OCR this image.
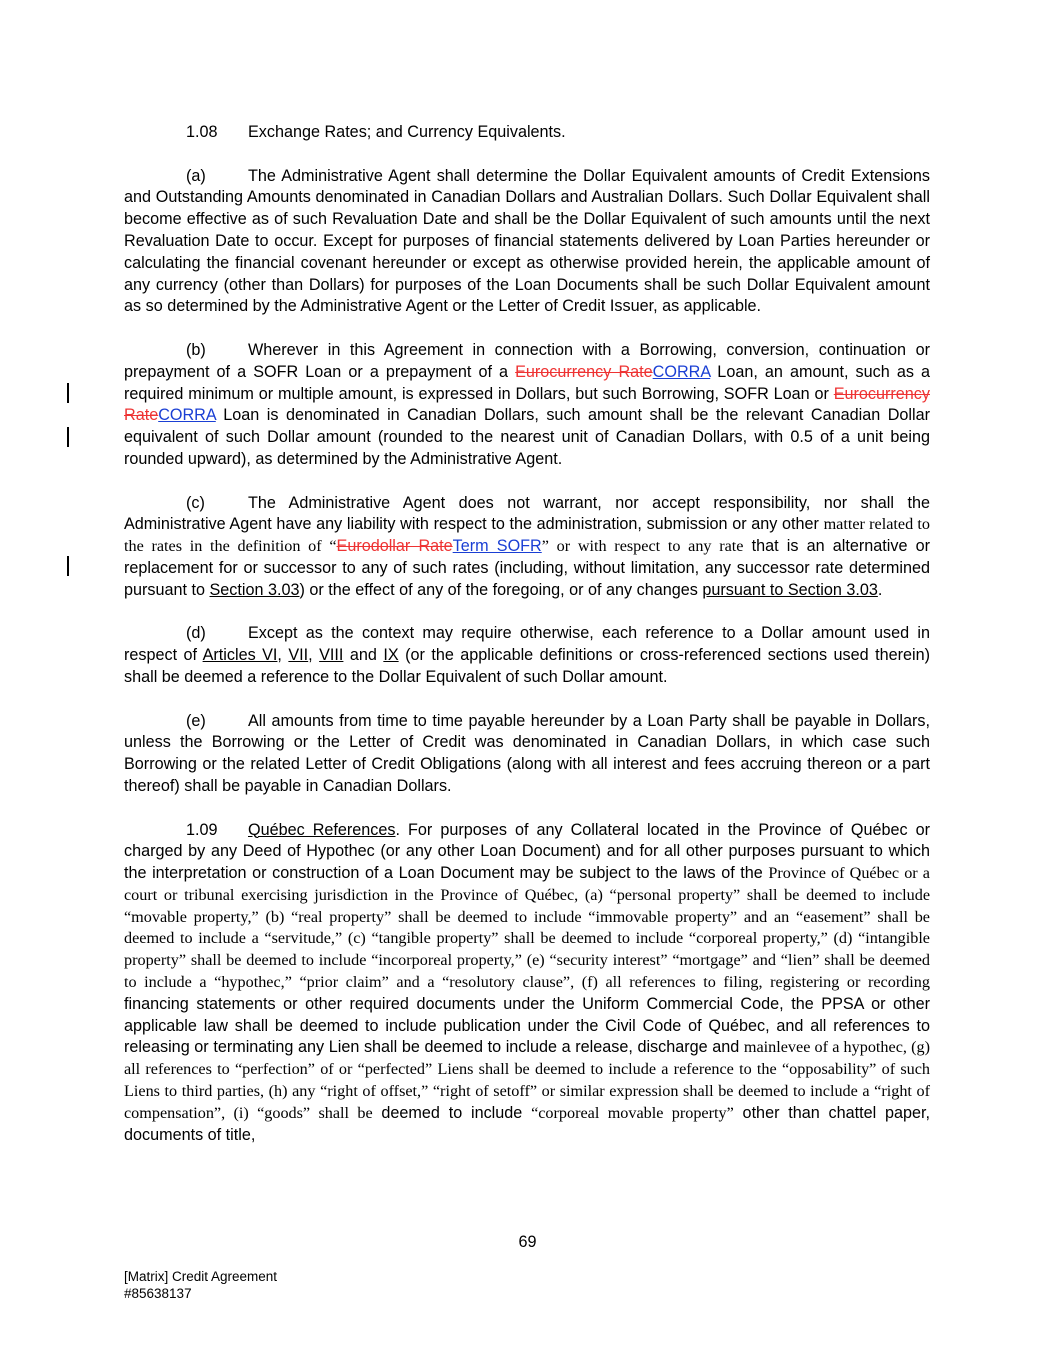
1.08 Exchange Rates; and Currency Equivalents.

(a)	The Administrative Agent shall determine the Dollar Equivalent amounts of Credit Extensions and Outstanding Amounts denominated in Canadian Dollars and Australian Dollars. Such Dollar Equivalent shall become effective as of such Revaluation Date and shall be the Dollar Equivalent of such amounts until the next Revaluation Date to occur. Except for purposes of financial statements delivered by Loan Parties hereunder or calculating the financial covenant hereunder or except as otherwise provided herein, the applicable amount of any currency (other than Dollars) for purposes of the Loan Documents shall be such Dollar Equivalent amount as so determined by the Administrative Agent or the Letter of Credit Issuer, as applicable.

(b)	Wherever in this Agreement in connection with a Borrowing, conversion, continuation or prepayment of a SOFR Loan or a prepayment of a Eurocurrency RateCORRA Loan, an amount, such as a required minimum or multiple amount, is expressed in Dollars, but such Borrowing, SOFR Loan or Eurocurrency RateCORRA Loan is denominated in Canadian Dollars, such amount shall be the relevant Canadian Dollar equivalent of such Dollar amount (rounded to the nearest unit of Canadian Dollars, with 0.5 of a unit being rounded upward), as determined by the Administrative Agent.

(c)	The Administrative Agent does not warrant, nor accept responsibility, nor shall the Administrative Agent have any liability with respect to the administration, submission or any other matter related to the rates in the definition of “Eurodollar RateTerm SOFR” or with respect to any rate that is an alternative or replacement for or successor to any of such rates (including, without limitation, any successor rate determined pursuant to Section 3.03) or the effect of any of the foregoing, or of any changes pursuant to Section 3.03.

(d)	Except as the context may require otherwise, each reference to a Dollar amount used in respect of Articles VI, VII, VIII and IX (or the applicable definitions or cross-referenced sections used therein) shall be deemed a reference to the Dollar Equivalent of such Dollar amount.

(e)	All amounts from time to time payable hereunder by a Loan Party shall be payable in Dollars, unless the Borrowing or the Letter of Credit was denominated in Canadian Dollars, in which case such Borrowing or the related Letter of Credit Obligations (along with all interest and fees accruing thereon or a part thereof) shall be payable in Canadian Dollars.

1.09 Québec References. For purposes of any Collateral located in the Province of Québec or charged by any Deed of Hypothec (or any other Loan Document) and for all other purposes pursuant to which the interpretation or construction of a Loan Document may be subject to the laws of the Province of Québec or a court or tribunal exercising jurisdiction in the Province of Québec, (a) “personal property” shall be deemed to include “movable property,” (b) “real property” shall be deemed to include “immovable property” and an “easement” shall be deemed to include a “servitude,” (c) “tangible property” shall be deemed to include “corporeal property,” (d) “intangible property” shall be deemed to include “incorporeal property,” (e) “security interest” “mortgage” and “lien” shall be deemed to include a “hypothec,” “prior claim” and a “resolutory clause”, (f) all references to filing, registering or recording financing statements or other required documents under the Uniform Commercial Code, the PPSA or other applicable law shall be deemed to include publication under the Civil Code of Québec, and all references to releasing or terminating any Lien shall be deemed to include a release, discharge and mainlevee of a hypothec, (g) all references to “perfection” of or “perfected” Liens shall be deemed to include a reference to the “opposability” of such Liens to third parties, (h) any “right of offset,” “right of setoff” or similar expression shall be deemed to include a “right of compensation”, (i) “goods” shall be deemed to include “corporeal movable property” other than chattel paper, documents of title,

69
[Matrix] Credit Agreement
#85638137
